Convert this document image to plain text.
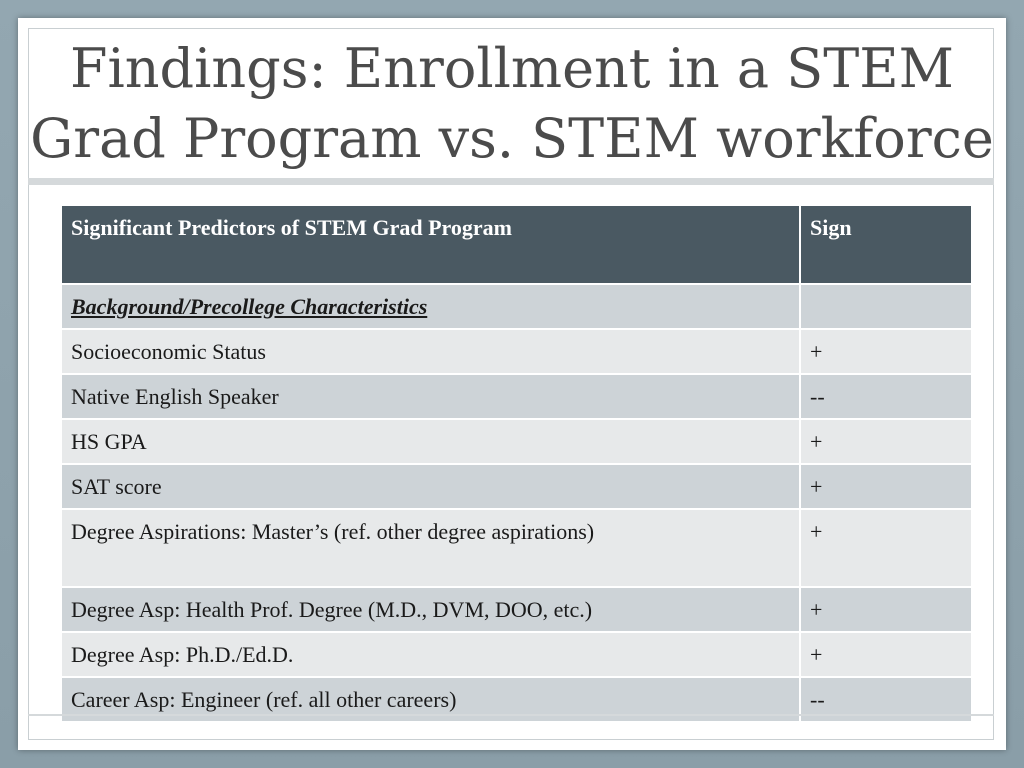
Findings: Enrollment in a STEM
Grad Program vs. STEM workforce
Significant Predictors of STEM Grad Program	Sign
Background/Precollege Characteristics	
Socioeconomic Status	+
Native English Speaker	--
HS GPA	+
SAT score	+
Degree Aspirations: Master’s (ref. other degree aspirations)	+
Degree Asp: Health Prof. Degree (M.D., DVM, DOO, etc.)	+
Degree Asp: Ph.D./Ed.D.	+
Career Asp: Engineer (ref. all other careers)	--
